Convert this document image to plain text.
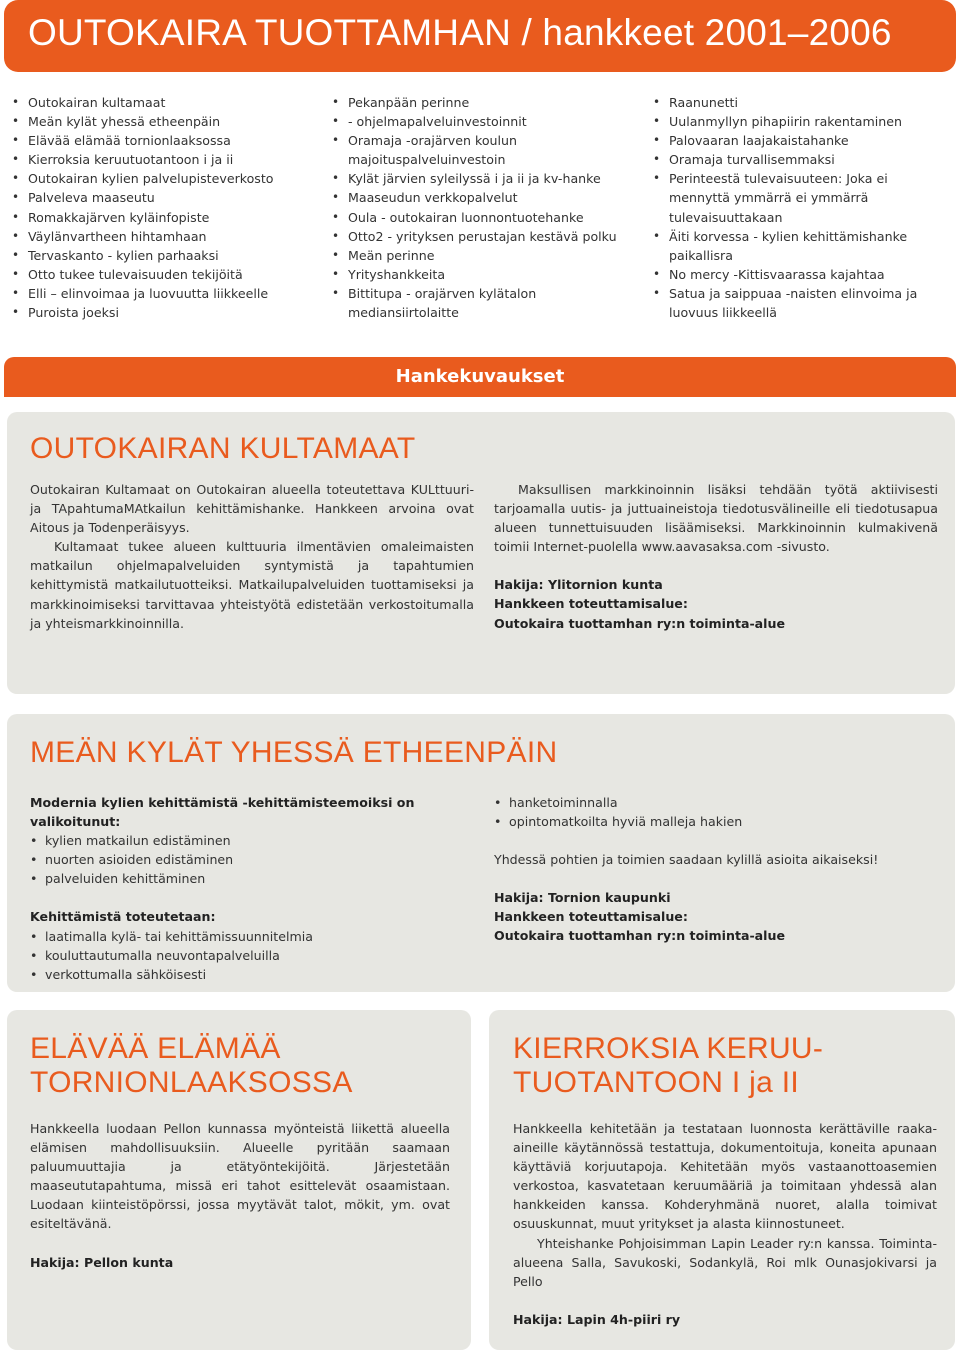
OUTOKAIRA TUOTTAMHAN / hankkeet 2001–2006
• Outokairan kultamaat
• Meän kylät yhessä etheenpäin
• Elävää elämää tornionlaaksossa
• Kierroksia keruutuotantoon i ja ii
• Outokairan kylien palvelupisteverkosto
• Palveleva maaseutu
• Romakkajärven kyläinfopiste
• Väylänvartheen hihtamhaan
• Tervaskanto - kylien parhaaksi
• Otto tukee tulevaisuuden tekijöitä
• Elli – elinvoimaa ja luovuutta liikkeelle
• Puroista joeksi
• Pekanpään perinne
• - ohjelmapalveluinvestoinnit
• Oramaja -orajärven koulun majoituspalveluinvestoin
• Kylät järvien syleilyssä i ja ii ja kv-hanke
• Maaseudun verkkopalvelut
• Oula - outokairan luonnontuotehanke
• Otto2 - yrityksen perustajan kestävä polku
• Meän perinne
• Yrityshankkeita
• Bittitupa - orajärven kylätalon mediansiirtolaitte
• Raanunetti
• Uulanmyllyn pihapiirin rakentaminen
• Palovaaran laajakaistahanke
• Oramaja turvallisemmaksi
• Perinteestä tulevaisuuteen: Joka ei mennyttä ymmärrä ei ymmärrä tulevaisuuttakaan
• Äiti korvessa - kylien kehittämishanke paikallisra
• No mercy -Kittisvaarassa kajahtaa
• Satua ja saippuaa -naisten elinvoima ja luovuus liikkeellä
Hankekuvaukset
OUTOKAIRAN KULTAMAAT

Outokairan Kultamaat on Outokairan alueella toteutettava KULttuuri-ja TApahtumaMAtkailun kehittämishanke. Hankkeen arvoina ovat Aitous ja Todenperäisyys.

Kultamaat tukee alueen kulttuuria ilmentävien omaleimaisten matkailun ohjelmapalveluiden syntymistä ja tapahtumien kehittymistä matkailutuotteiksi. Matkailupalveluiden tuottamiseksi ja markkinoimiseksi tarvittavaa yhteistyötä edistetään verkostoitumalla ja yhteismarkkinoinnilla.

Maksullisen markkinoinnin lisäksi tehdään työtä aktiivisesti tarjoamalla uutis- ja juttuaineistoja tiedotusvälineille eli tiedotusapua alueen tunnettuisuuden lisäämiseksi. Markkinoinnin kulmakivenä toimii Internet-puolella www.aavasaksa.com -sivusto.

Hakija: Ylitornion kunta

Hankkeen toteuttamisalue:

Outokaira tuottamhan ry:n toiminta-alue

MEÄN KYLÄT YHESSÄ ETHEENPÄIN

Modernia kylien kehittämistä -kehittämisteemoiksi on valikoitunut:

• kylien matkailun edistäminen
• nuorten asioiden edistäminen
• palveluiden kehittäminen

Kehittämistä toteutetaan:

• laatimalla kylä- tai kehittämissuunnitelmia
• kouluttautumalla neuvontapalveluilla
• verkottumalla sähköisesti
• hanketoiminnalla
• opintomatkoilta hyviä malleja hakien

Yhdessä pohtien ja toimien saadaan kylillä asioita aikaiseksi!

Hakija: Tornion kaupunki

Hankkeen toteuttamisalue:

Outokaira tuottamhan ry:n toiminta-alue

ELÄVÄÄ ELÄMÄÄ
TORNIONLAAKSOSSA

Hankkeella luodaan Pellon kunnassa myönteistä liikettä alueella elämisen mahdollisuuksiin. Alueelle pyritään saamaan paluumuuttajia ja etätyöntekijöitä. Järjestetään maaseututapahtuma, missä eri tahot esittelevät osaamistaan. Luodaan kiinteistöpörssi, jossa myytävät talot, mökit, ym. ovat esiteltävänä.

Hakija: Pellon kunta

KIERROKSIA KERUU-
TUOTANTOON I ja II

Hankkeella kehitetään ja testataan luonnosta kerättäville raaka-aineille käytännössä testattuja, dokumentoituja, koneita apunaan käyttäviä korjuutapoja. Kehitetään myös vastaanottoasemien verkostoa, kasvatetaan keruumääriä ja toimitaan yhdessä alan hankkeiden kanssa. Kohderyhmänä nuoret, alalla toimivat osuuskunnat, muut yritykset ja alasta kiinnostuneet.

Yhteishanke Pohjoisimman Lapin Leader ry:n kanssa. Toiminta-alueena Salla, Savukoski, Sodankylä, Roi mlk Ounasjokivarsi ja Pello

Hakija: Lapin 4h-piiri ry
